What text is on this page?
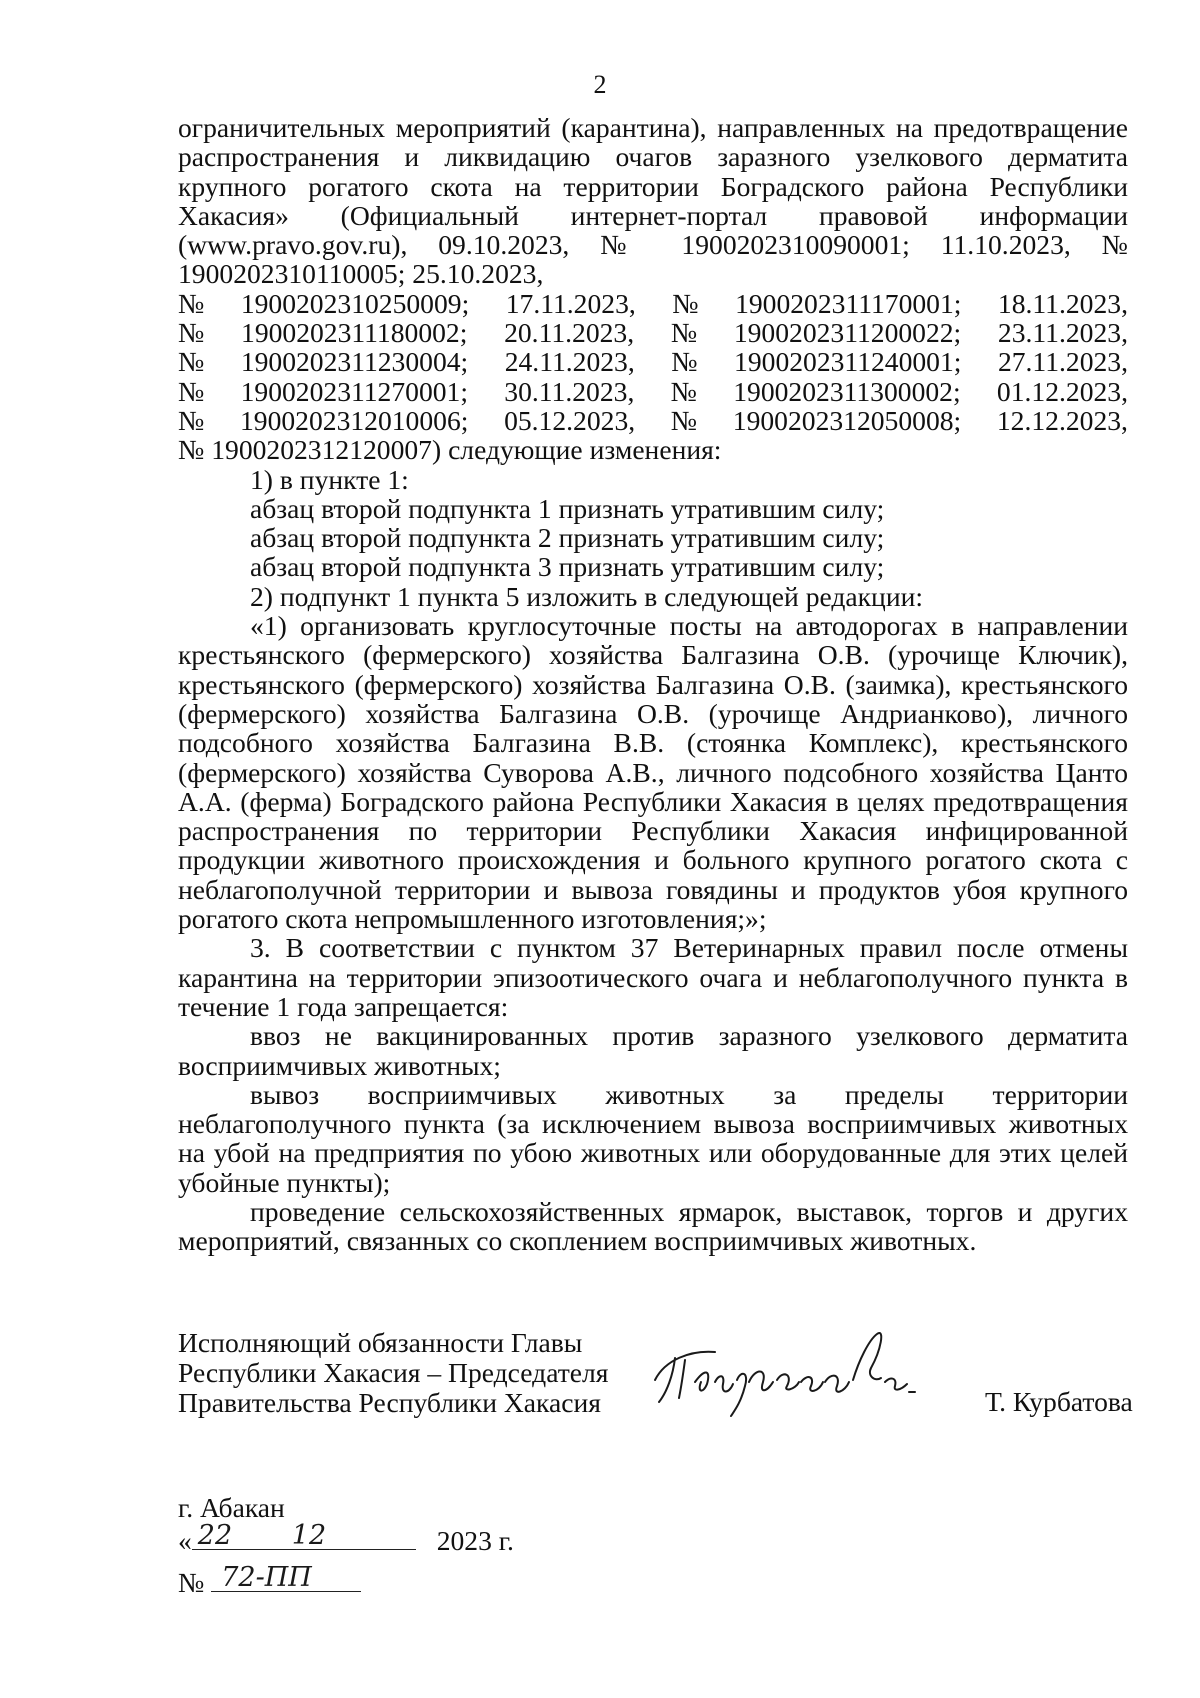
2

ограничительных мероприятий (карантина), направленных на предотвращение распространения и ликвидацию очагов заразного узелкового дерматита крупного рогатого скота на территории Боградского района Республики Хакасия» (Официальный интернет-портал правовой информации (www.pravo.gov.ru), 09.10.2023, № 1900202310090001; 11.10.2023, № 1900202310110005; 25.10.2023,

№ 1900202310250009; 17.11.2023, № 1900202311170001; 18.11.2023,
№ 1900202311180002; 20.11.2023, № 1900202311200022; 23.11.2023,
№ 1900202311230004; 24.11.2023, № 1900202311240001; 27.11.2023,
№ 1900202311270001; 30.11.2023, № 1900202311300002; 01.12.2023,
№ 1900202312010006; 05.12.2023, № 1900202312050008; 12.12.2023,

№ 1900202312120007) следующие изменения:

1) в пункте 1:

абзац второй подпункта 1 признать утратившим силу;

абзац второй подпункта 2 признать утратившим силу;

абзац второй подпункта 3 признать утратившим силу;

2) подпункт 1 пункта 5 изложить в следующей редакции:

«1) организовать круглосуточные посты на автодорогах в направлении крестьянского (фермерского) хозяйства Балгазина О.В. (урочище Ключик), крестьянского (фермерского) хозяйства Балгазина О.В. (заимка), крестьянского (фермерского) хозяйства Балгазина О.В. (урочище Андрианково), личного подсобного хозяйства Балгазина В.В. (стоянка Комплекс), крестьянского (фермерского) хозяйства Суворова А.В., личного подсобного хозяйства Цанто А.А. (ферма) Боградского района Республики Хакасия в целях предотвращения распространения по территории Республики Хакасия инфицированной продукции животного происхождения и больного крупного рогатого скота с неблагополучной территории и вывоза говядины и продуктов убоя крупного рогатого скота непромышленного изготовления;»;

3. В соответствии с пунктом 37 Ветеринарных правил после отмены карантина на территории эпизоотического очага и неблагополучного пункта в течение 1 года запрещается:

ввоз не вакцинированных против заразного узелкового дерматита восприимчивых животных;

вывоз восприимчивых животных за пределы территории неблагополучного пункта (за исключением вывоза восприимчивых животных на убой на предприятия по убою животных или оборудованные для этих целей убойные пункты);

проведение сельскохозяйственных ярмарок, выставок, торгов и других мероприятий, связанных со скоплением восприимчивых животных.

Исполняющий обязанности Главы
Республики Хакасия – Председателя
Правительства Республики Хакасия	Т. Курбатова
г. Абакан
« 22 12	2023 г.
№ 72-ПП
